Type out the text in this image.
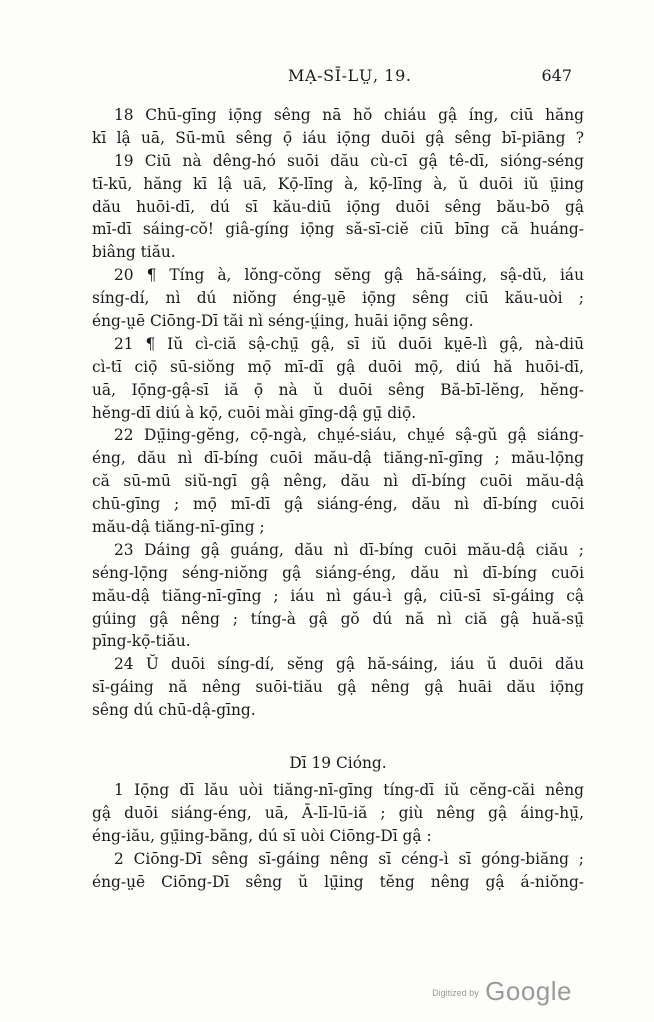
MẠ-SĪ-LṲ, 19.	647
18 Chū-gīng iọ̄ng sêng nā hŏ chiáu gậ íng, ciū hăng
kī lậ uā, Sū-mū sêng ọ̄ iáu iọ̄ng duōi gậ sêng bī-piāng ?
19 Ciū nà dêng-hó suōi dău cù-cī gậ tê-dī, sióng-séng
tī-kū, hăng kī lậ uā, Kọ̄-līng à, kọ̄-līng à, ŭ duōi iŭ ṳ̄ing
dău huōi-dī, dú sī kău-diū iọ̄ng duōi sêng bău-bō gậ
mī-dī sáing-cŏ! giâ-gíng iọ̄ng să-sī-ciĕ ciū bīng că huáng-
biâng tiău.
20 ¶ Tíng à, lŏng-cŏng sĕng gậ hă-sáing, sậ-dŭ, iáu
síng-dí, nì dú niŏng éng-ṳē iọ̄ng sêng ciū kău-uòi ;
éng-ṳē Ciōng-Dī tăi nì séng-ṳ́ing, huāi iọ̄ng sêng.
21 ¶ Iŭ cì-ciă sậ-chṳ̄ gậ, sī iŭ duōi kṳē-lì gậ, nà-diū
cì-tī ciọ̄ sū-siŏng mọ̄ mī-dī gậ duōi mọ̄, diú hă huōi-dī,
uā, Iọ̄ng-gậ-sī iă ọ̄ nà ŭ duōi sêng Bă-bī-lĕng, hĕng-
hĕng-dī diú à kọ̄, cuōi mài gīng-dậ gṳ̄ diọ̄.
22 Dṳ̄ing-gĕng, cọ̄-ngà, chṳé-siáu, chṳé sậ-gŭ gậ siáng-
éng, dău nì dī-bíng cuōi mău-dậ tiăng-nī-gīng ; mău-lọ̄ng
că sū-mū siŭ-ngī gậ nêng, dău nì dī-bíng cuōi mău-dậ
chū-gīng ; mọ̄ mī-dī gậ siáng-éng, dău nì dī-bíng cuōi
mău-dậ tiăng-nī-gīng ;
23 Dáing gậ guáng, dău nì dī-bíng cuōi mău-dậ ciău ;
séng-lọ̄ng séng-niŏng gậ siáng-éng, dău nì dī-bíng cuōi
mău-dậ tiăng-nī-gīng ; iáu nì gáu-ì gậ, ciū-sī sī-gáing cậ
gúing gậ nêng ; tíng-à gậ gŏ dú nă nì ciă gậ huă-sṳ̄
pīng-kọ̄-tiău.
24 Ŭ duōi síng-dí, sĕng gậ hă-sáing, iáu ŭ duōi dău
sī-gáing nă nêng suōi-tiău gậ nêng gậ huāi dău iọ̄ng
sêng dú chū-dậ-gīng.
Dī 19 Cióng.
1 Iọ̄ng dī lău uòi tiăng-nī-gīng tíng-dī iŭ cĕng-căi nêng
gậ duōi siáng-éng, uā, Ā-lī-lū-iă ; giù nêng gậ áing-hṳ̄,
éng-iău, gṳ̄ing-băng, dú sī uòi Ciōng-Dī gậ :
2 Ciōng-Dī sêng sī-gáing nêng sī céng-ì sī góng-biăng ;
éng-ṳē Ciōng-Dī sêng ŭ lṳ̄ing tĕng nêng gậ á-niŏng-
$^{Digitized by}$ Google
